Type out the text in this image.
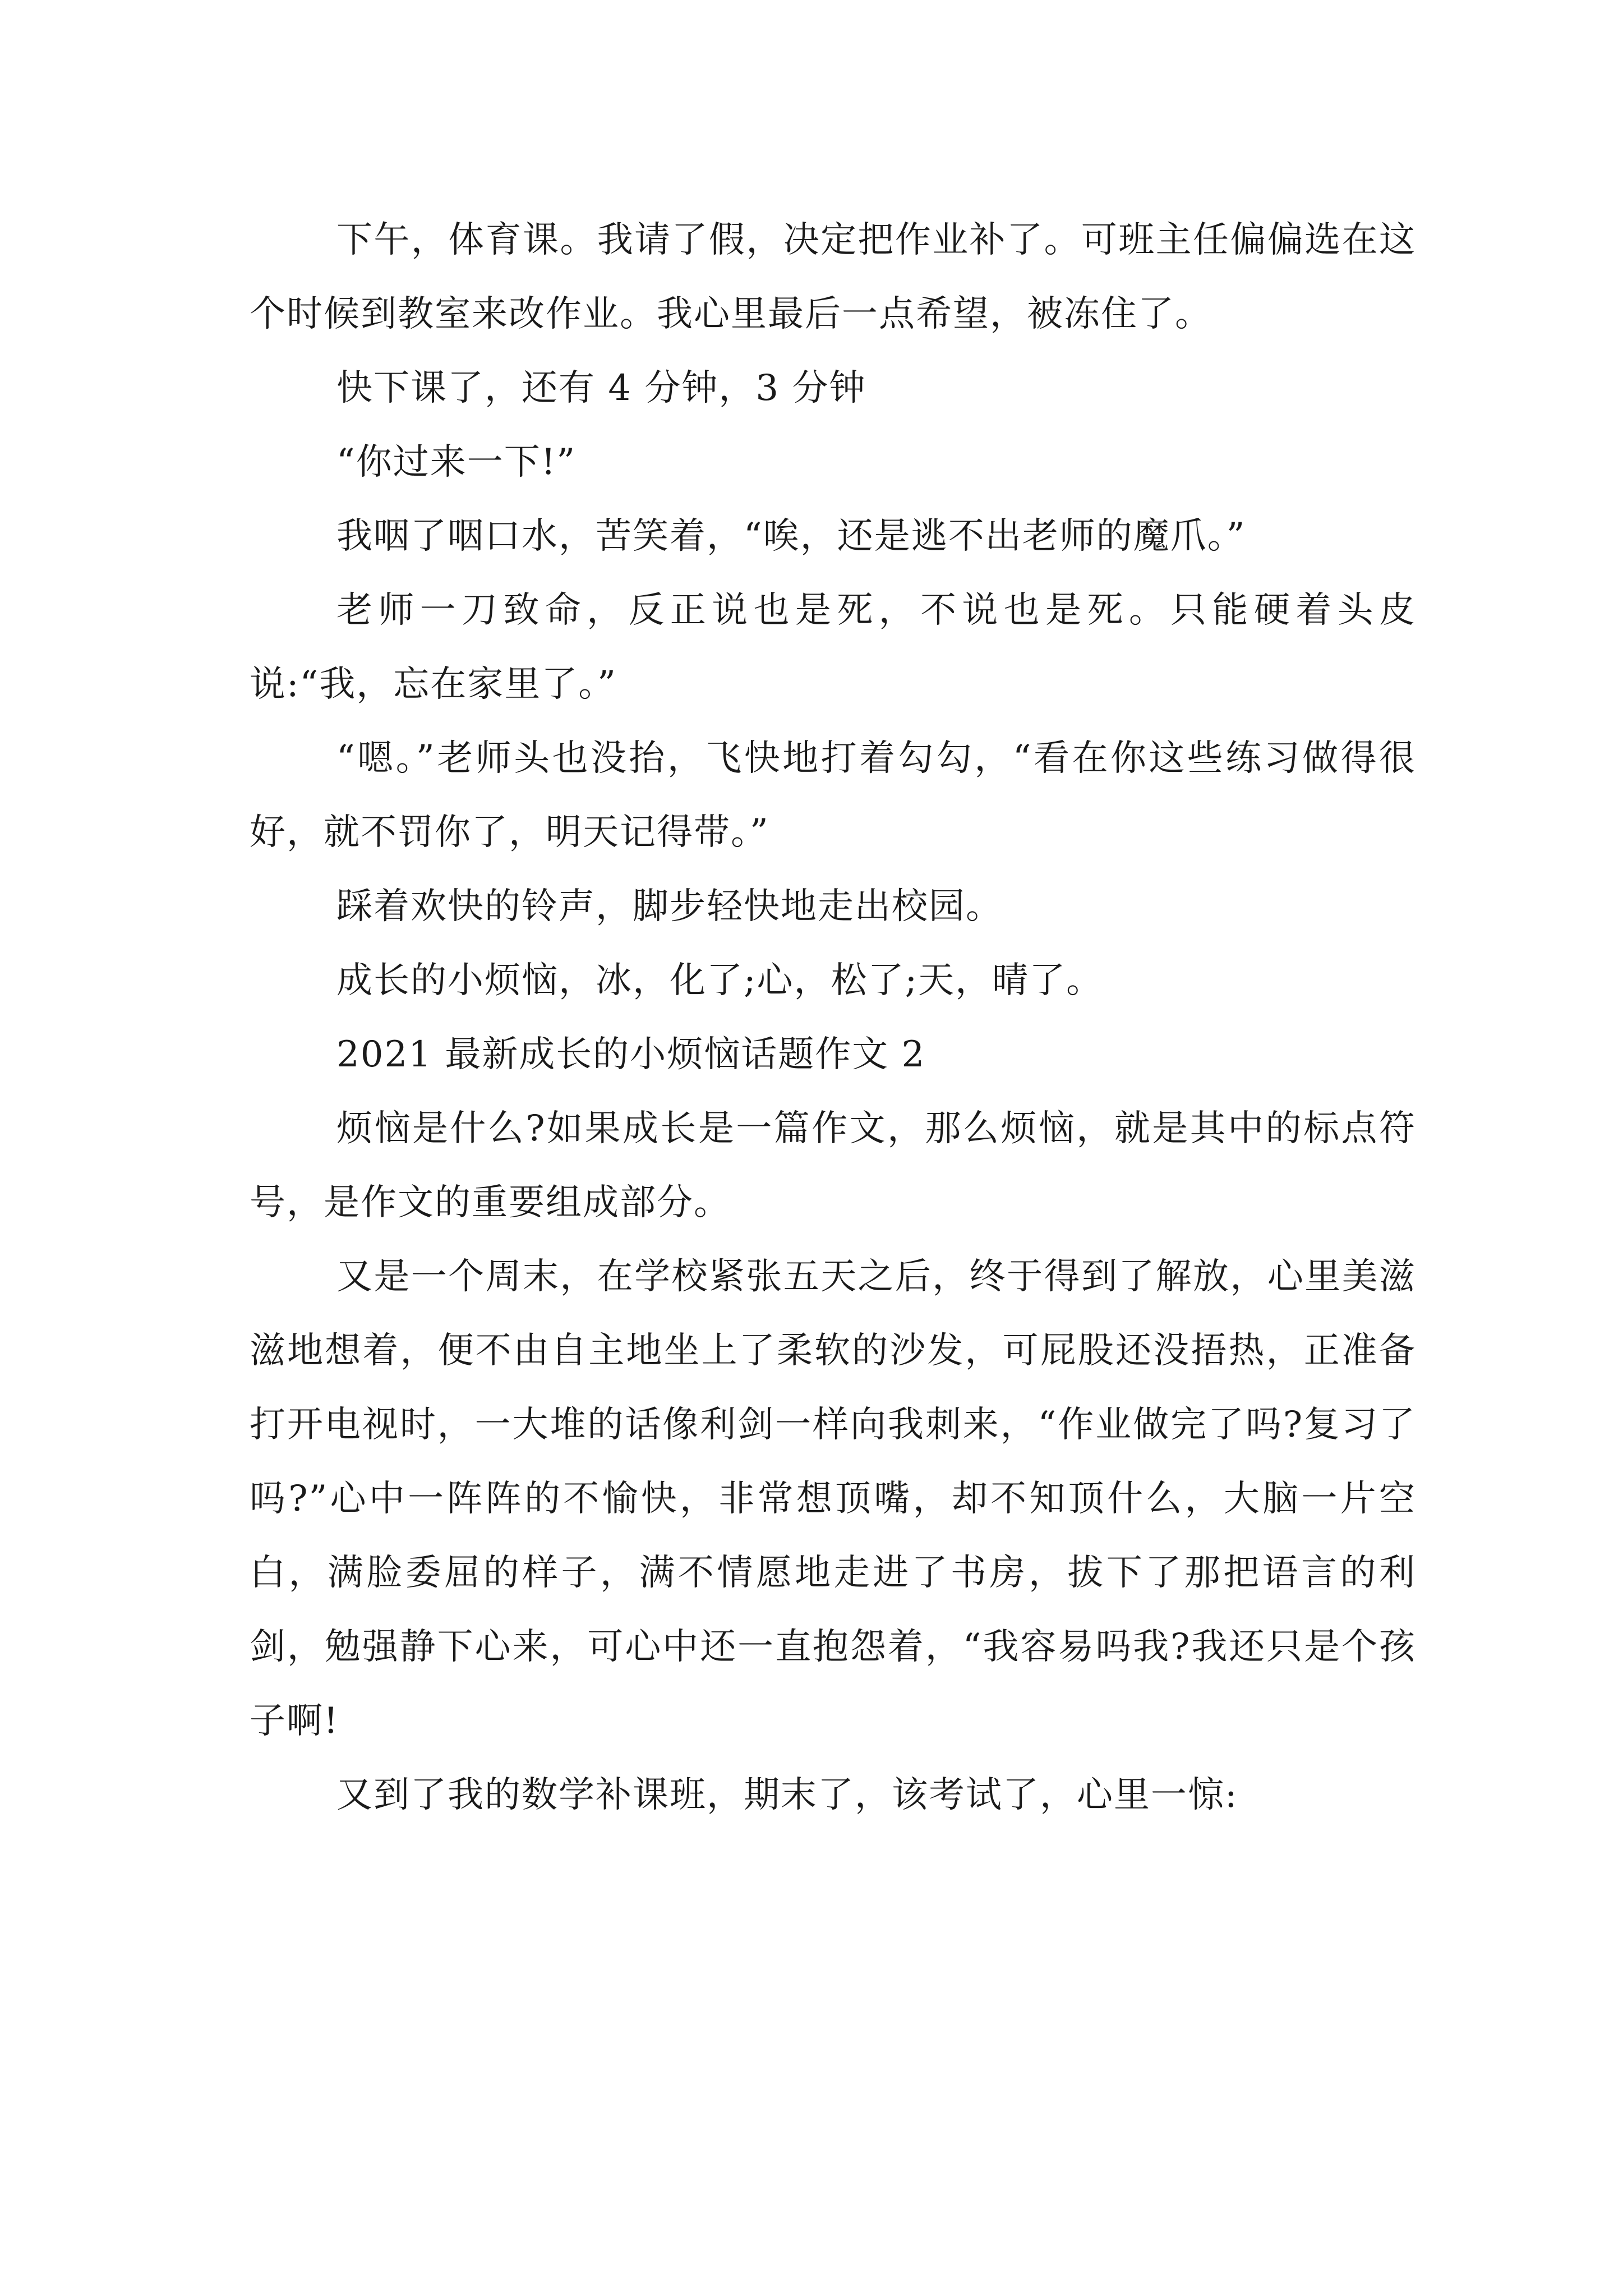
下午，体育课。我请了假，决定把作业补了。可班主任偏偏选在这个时候到教室来改作业。我心里最后一点希望，被冻住了。

快下课了，还有 4 分钟，3 分钟

“你过来一下!”

我咽了咽口水，苦笑着，“唉，还是逃不出老师的魔爪。”

老师一刀致命，反正说也是死，不说也是死。只能硬着头皮说:“我，忘在家里了。”

“嗯。”老师头也没抬，飞快地打着勾勾，“看在你这些练习做得很好，就不罚你了，明天记得带。”

踩着欢快的铃声，脚步轻快地走出校园。

成长的小烦恼，冰，化了;心，松了;天，晴了。

2021 最新成长的小烦恼话题作文 2

烦恼是什么?如果成长是一篇作文，那么烦恼，就是其中的标点符号，是作文的重要组成部分。

又是一个周末，在学校紧张五天之后，终于得到了解放，心里美滋滋地想着，便不由自主地坐上了柔软的沙发，可屁股还没捂热，正准备打开电视时，一大堆的话像利剑一样向我刺来，“作业做完了吗?复习了吗?”心中一阵阵的不愉快，非常想顶嘴，却不知顶什么，大脑一片空白，满脸委屈的样子，满不情愿地走进了书房，拔下了那把语言的利剑，勉强静下心来，可心中还一直抱怨着，“我容易吗我?我还只是个孩子啊!

又到了我的数学补课班，期末了，该考试了，心里一惊:
